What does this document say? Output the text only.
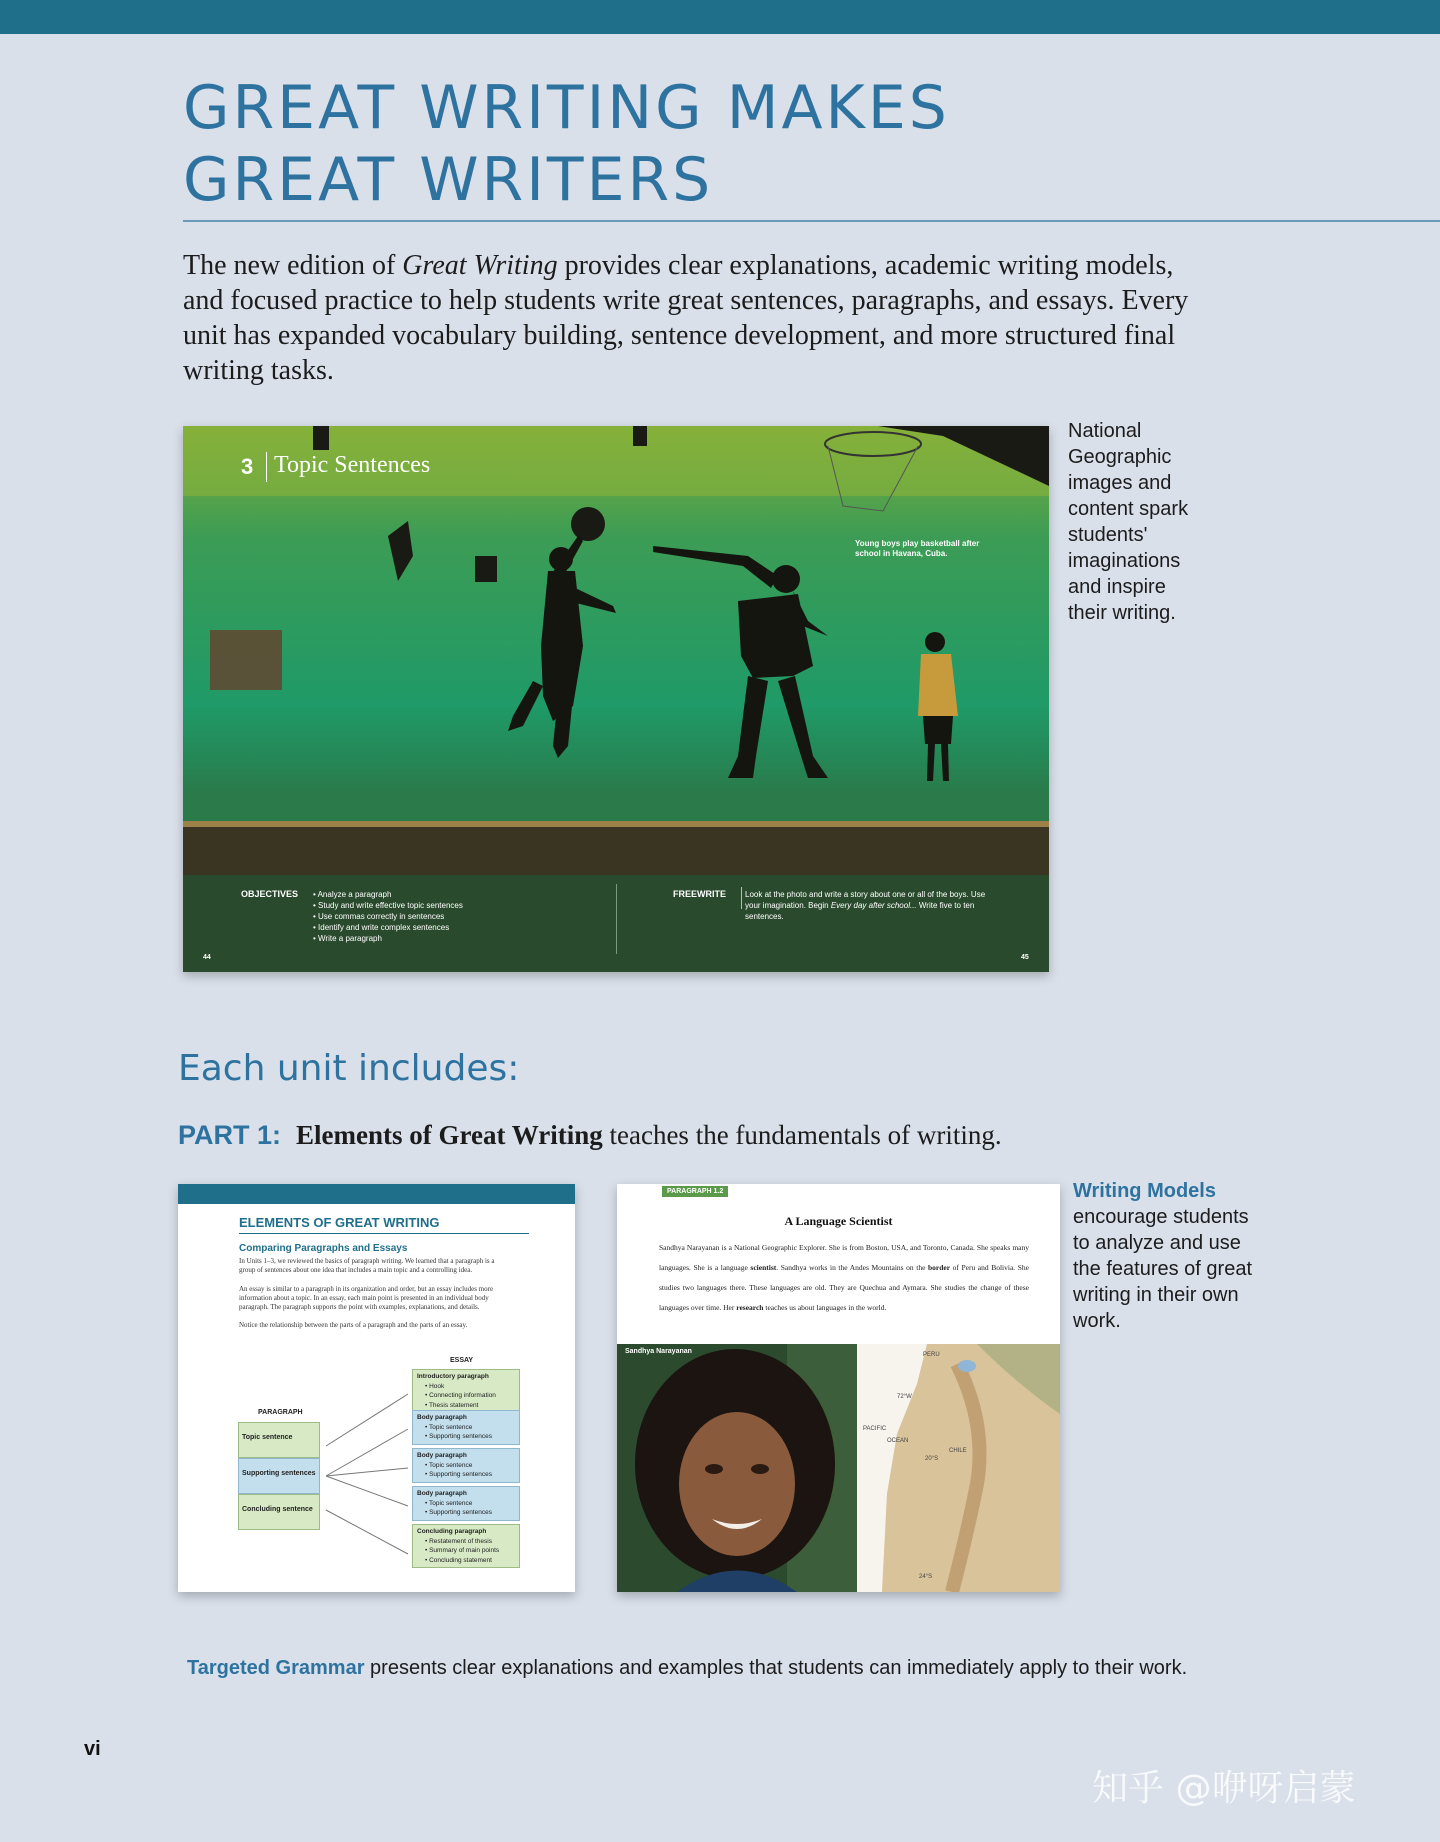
GREAT WRITING MAKES
GREAT WRITERS

The new edition of Great Writing provides clear explanations, academic writing models, and focused practice to help students write great sentences, paragraphs, and essays. Every unit has expanded vocabulary building, sentence development, and more structured final writing tasks.

3 Topic Sentences
Young boys play basketball after school in Havana, Cuba.
OBJECTIVES • Analyze a paragraph
• Study and write effective topic sentences
• Use commas correctly in sentences
• Identify and write complex sentences
• Write a paragraph
FREEWRITE Look at the photo and write a story about one or all of the boys. Use your imagination. Begin Every day after school... Write five to ten sentences.
44	45
National Geographic images and content spark students' imaginations and inspire their writing.
Each unit includes:
PART 1: Elements of Great Writing teaches the fundamentals of writing.
ELEMENTS OF GREAT WRITING
Comparing Paragraphs and Essays
In Units 1–3, we reviewed the basics of paragraph writing. We learned that a paragraph is a group of sentences about one idea that includes a main topic and a controlling idea.
An essay is similar to a paragraph in its organization and order, but an essay includes more information about a topic. In an essay, each main point is presented in an individual body paragraph. The paragraph supports the point with examples, explanations, and details.
Notice the relationship between the parts of a paragraph and the parts of an essay.
PARAGRAPH
ESSAY
Topic sentence
Supporting sentences
Concluding sentence
Introductory paragraph
• Hook
• Connecting information
• Thesis statement
Body paragraph
• Topic sentence
• Supporting sentences
Body paragraph
• Topic sentence
• Supporting sentences
Body paragraph
• Topic sentence
• Supporting sentences
Concluding paragraph
• Restatement of thesis
• Summary of main points
• Concluding statement
PARAGRAPH 1.2
A Language Scientist
Sandhya Narayanan is a National Geographic Explorer. She is from Boston, USA, and Toronto, Canada. She speaks many languages. She is a language scientist. Sandhya works in the Andes Mountains on the border of Peru and Bolivia. She studies two languages there. These languages are old. They are Quechua and Aymara. She studies the change of these languages over time. Her research teaches us about languages in the world.
Sandhya Narayanan	PERU
72°W
PACIFIC
OCEAN
CHILE
20°S
24°S
Writing Models encourage students to analyze and use the features of great writing in their own work.
Targeted Grammar presents clear explanations and examples that students can immediately apply to their work.
vi
知乎 @咿呀启蒙
